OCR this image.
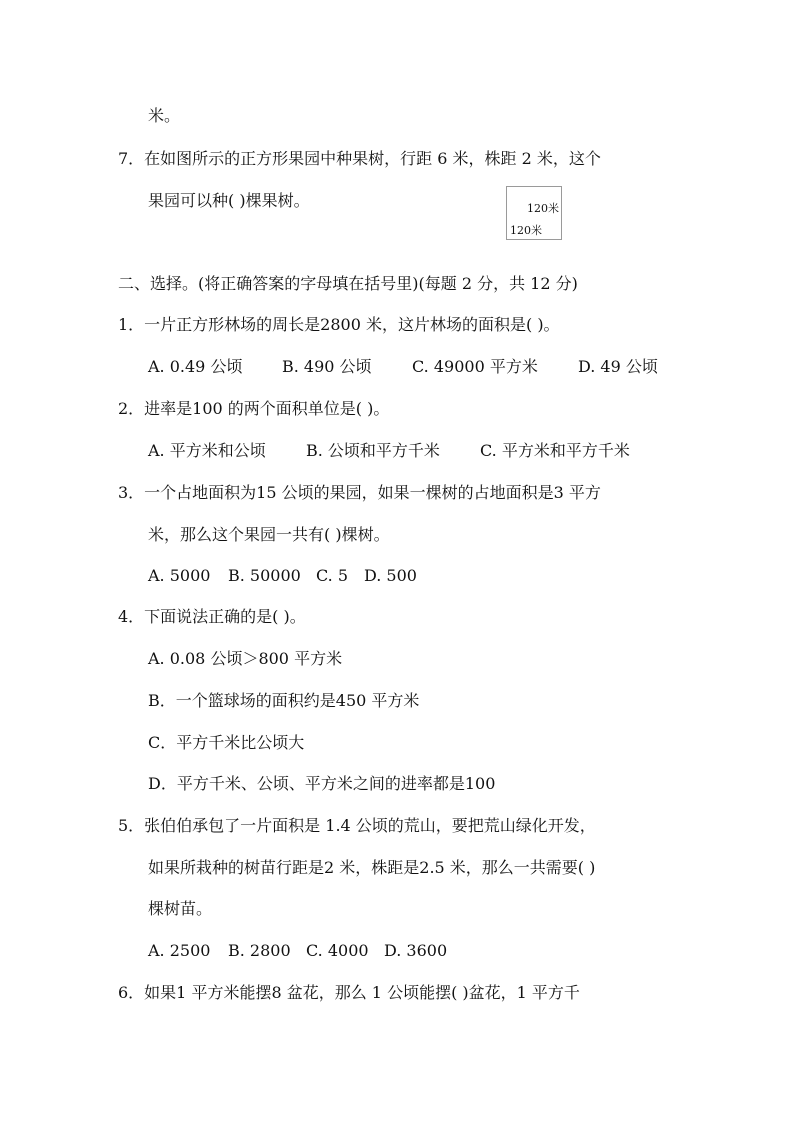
米。
7．在如图所示的正方形果园中种果树，行距 6 米，株距 2 米，这个
果园可以种( )棵果树。	120米
120米
二、选择。(将正确答案的字母填在括号里)(每题 2 分，共 12 分)
1．一片正方形林场的周长是2800 米，这片林场的面积是( )。
A. 0.49 公顷 B. 490 公顷	C. 49000 平方米	D. 49 公顷
2．进率是100 的两个面积单位是( )。
A. 平方米和公顷	B. 公顷和平方千米	C. 平方米和平方千米
3．一个占地面积为15 公顷的果园，如果一棵树的占地面积是3 平方
米，那么这个果园一共有( )棵树。
A. 5000 B. 50000 C. 5 D. 500
4．下面说法正确的是( )。
A. 0.08 公顷＞800 平方米
B．一个篮球场的面积约是450 平方米
C．平方千米比公顷大
D．平方千米、公顷、平方米之间的进率都是100
5．张伯伯承包了一片面积是 1.4 公顷的荒山，要把荒山绿化开发，
如果所栽种的树苗行距是2 米，株距是2.5 米，那么一共需要( )
棵树苗。
A. 2500 B. 2800 C. 4000 D. 3600
6．如果1 平方米能摆8 盆花，那么 1 公顷能摆( )盆花，1 平方千
